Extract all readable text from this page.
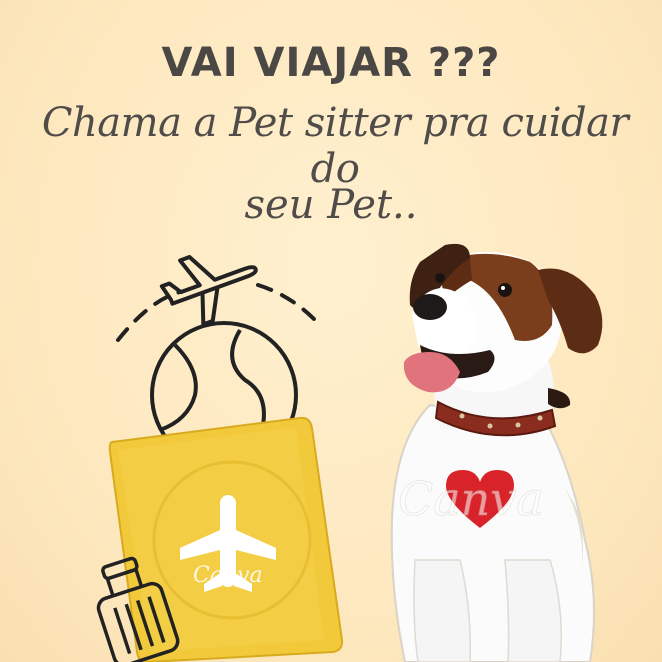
VAI VIAJAR ???
Chama a Pet sitter pra cuidar do
seu Pet..
Canva
Canva
